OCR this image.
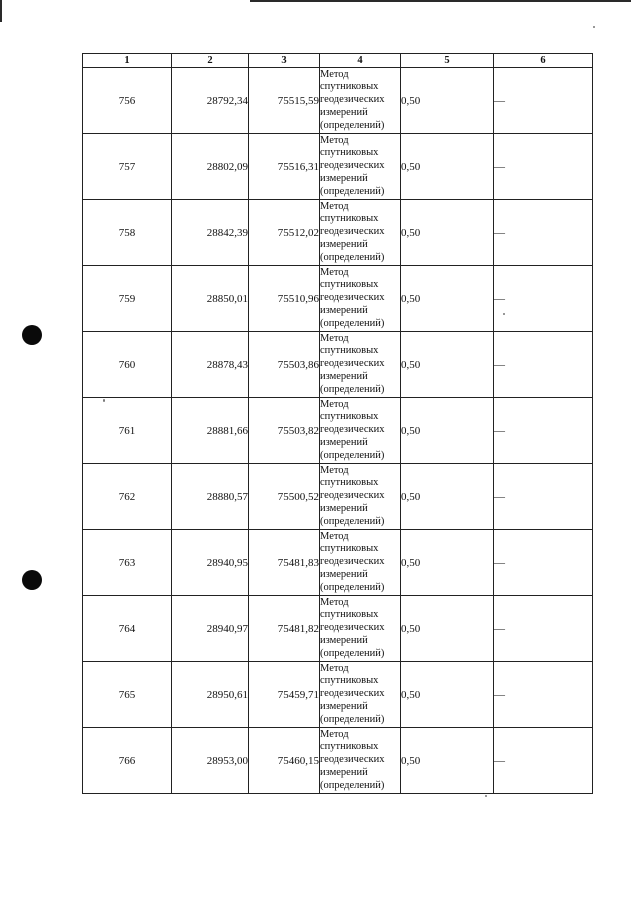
1	2	3	4	5	6
756	28792,34	75515,59	Метод
спутниковых
геодезических
измерений
(определений)	0,50	—
757	28802,09	75516,31	Метод
спутниковых
геодезических
измерений
(определений)	0,50	—
758	28842,39	75512,02	Метод
спутниковых
геодезических
измерений
(определений)	0,50	—
759	28850,01	75510,96	Метод
спутниковых
геодезических
измерений
(определений)	0,50	—
760	28878,43	75503,86	Метод
спутниковых
геодезических
измерений
(определений)	0,50	—
761	28881,66	75503,82	Метод
спутниковых
геодезических
измерений
(определений)	0,50	—
762	28880,57	75500,52	Метод
спутниковых
геодезических
измерений
(определений)	0,50	—
763	28940,95	75481,83	Метод
спутниковых
геодезических
измерений
(определений)	0,50	—
764	28940,97	75481,82	Метод
спутниковых
геодезических
измерений
(определений)	0,50	—
765	28950,61	75459,71	Метод
спутниковых
геодезических
измерений
(определений)	0,50	—
766	28953,00	75460,15	Метод
спутниковых
геодезических
измерений
(определений)	0,50	—
